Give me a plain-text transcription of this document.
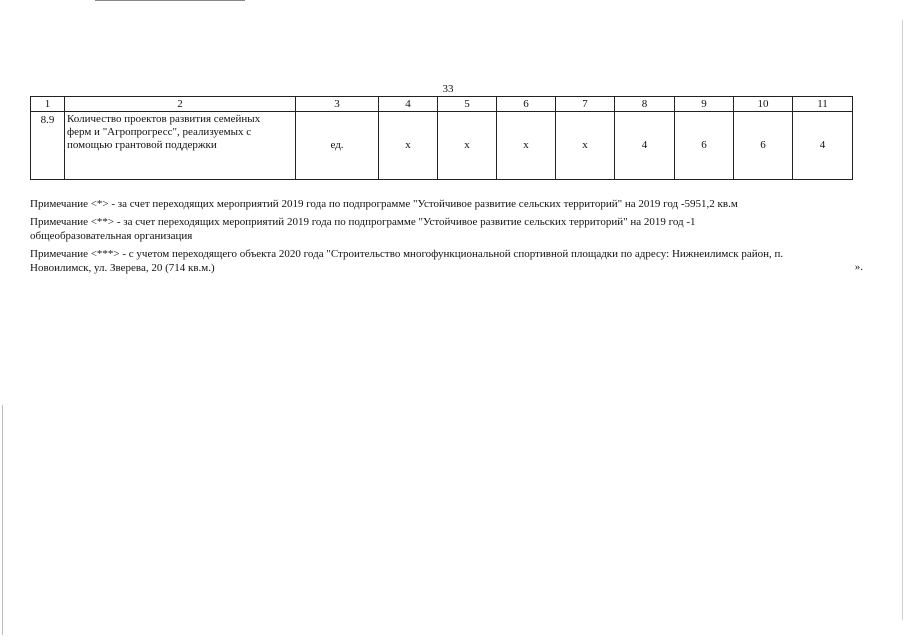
33
1	2	3	4	5	6	7	8	9	10	11
8.9	Количество проектов развития семейных
ферм и "Агропрогресс", реализуемых с
помощью грантовой поддержки	ед.	х	х	х	х	4	6	6	4

Примечание <*> - за счет переходящих мероприятий 2019 года по подпрограмме "Устойчивое развитие сельских территорий" на 2019 год -5951,2 кв.м

Примечание <**> - за счет переходящих мероприятий 2019 года по подпрограмме "Устойчивое развитие сельских территорий" на 2019 год -1
общеобразовательная организация

Примечание <***> - с учетом переходящего объекта 2020 года "Строительство многофункциональной спортивной площадки по адресу: Нижнеилимск район, п.
Новоилимск, ул. Зверева, 20 (714 кв.м.)	».
